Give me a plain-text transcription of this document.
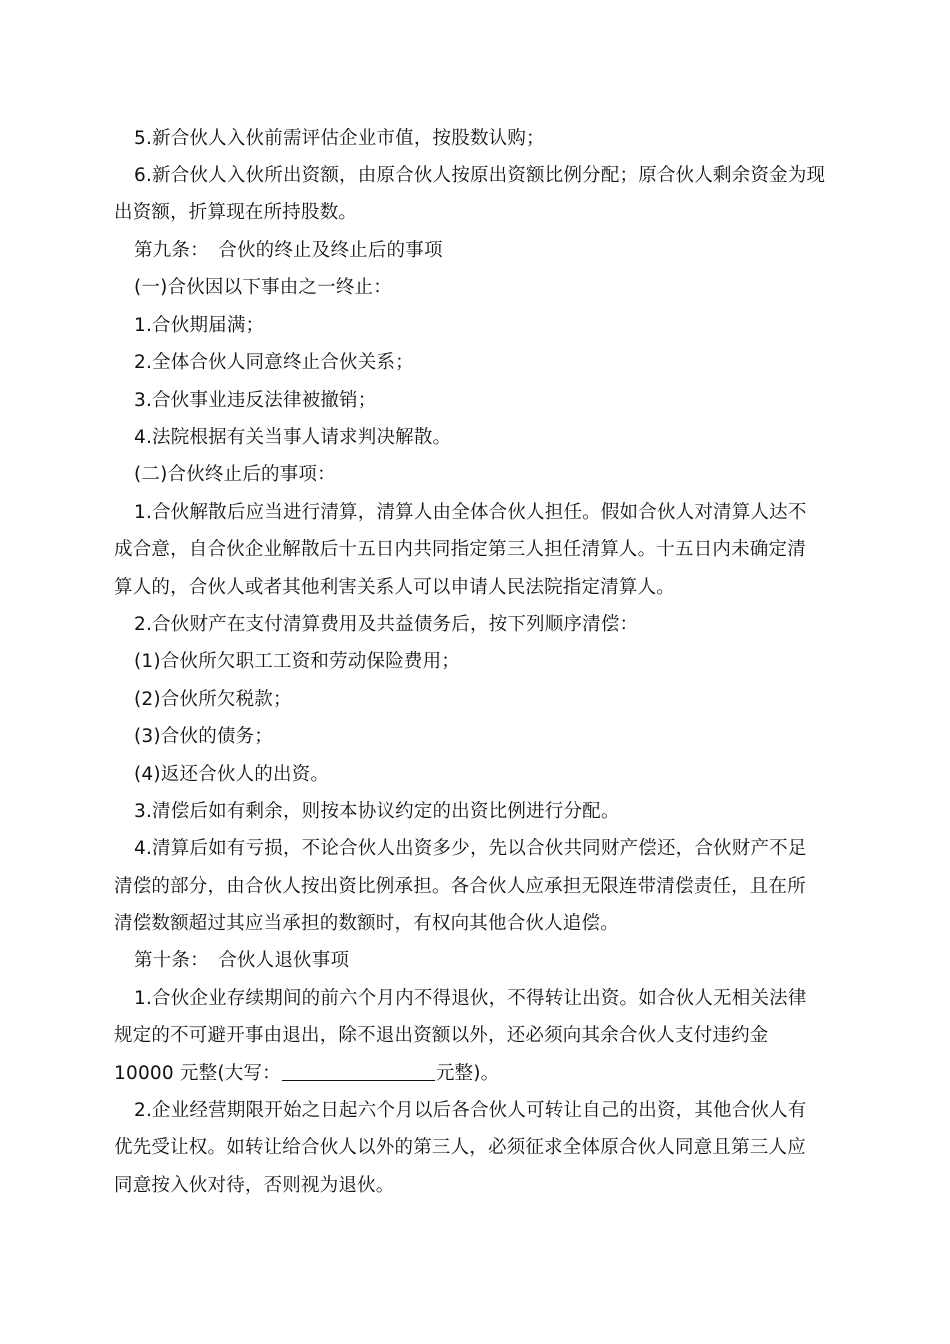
5.新合伙人入伙前需评估企业市值，按股数认购；
6.新合伙人入伙所出资额，由原合伙人按原出资额比例分配；原合伙人剩余资金为现
出资额，折算现在所持股数。
第九条：　合伙的终止及终止后的事项
(一)合伙因以下事由之一终止：
1.合伙期届满；
2.全体合伙人同意终止合伙关系；
3.合伙事业违反法律被撤销；
4.法院根据有关当事人请求判决解散。
(二)合伙终止后的事项：
1.合伙解散后应当进行清算，清算人由全体合伙人担任。假如合伙人对清算人达不
成合意，自合伙企业解散后十五日内共同指定第三人担任清算人。十五日内未确定清
算人的，合伙人或者其他利害关系人可以申请人民法院指定清算人。
2.合伙财产在支付清算费用及共益债务后，按下列顺序清偿：
(1)合伙所欠职工工资和劳动保险费用；
(2)合伙所欠税款；
(3)合伙的债务；
(4)返还合伙人的出资。
3.清偿后如有剩余，则按本协议约定的出资比例进行分配。
4.清算后如有亏损，不论合伙人出资多少，先以合伙共同财产偿还，合伙财产不足
清偿的部分，由合伙人按出资比例承担。各合伙人应承担无限连带清偿责任，且在所
清偿数额超过其应当承担的数额时，有权向其他合伙人追偿。
第十条：　合伙人退伙事项
1.合伙企业存续期间的前六个月内不得退伙，不得转让出资。如合伙人无相关法律
规定的不可避开事由退出，除不退出资额以外，还必须向其余合伙人支付违约金
10000 元整(大写：	元整)。
2.企业经营期限开始之日起六个月以后各合伙人可转让自己的出资，其他合伙人有
优先受让权。如转让给合伙人以外的第三人，必须征求全体原合伙人同意且第三人应
同意按入伙对待，否则视为退伙。
